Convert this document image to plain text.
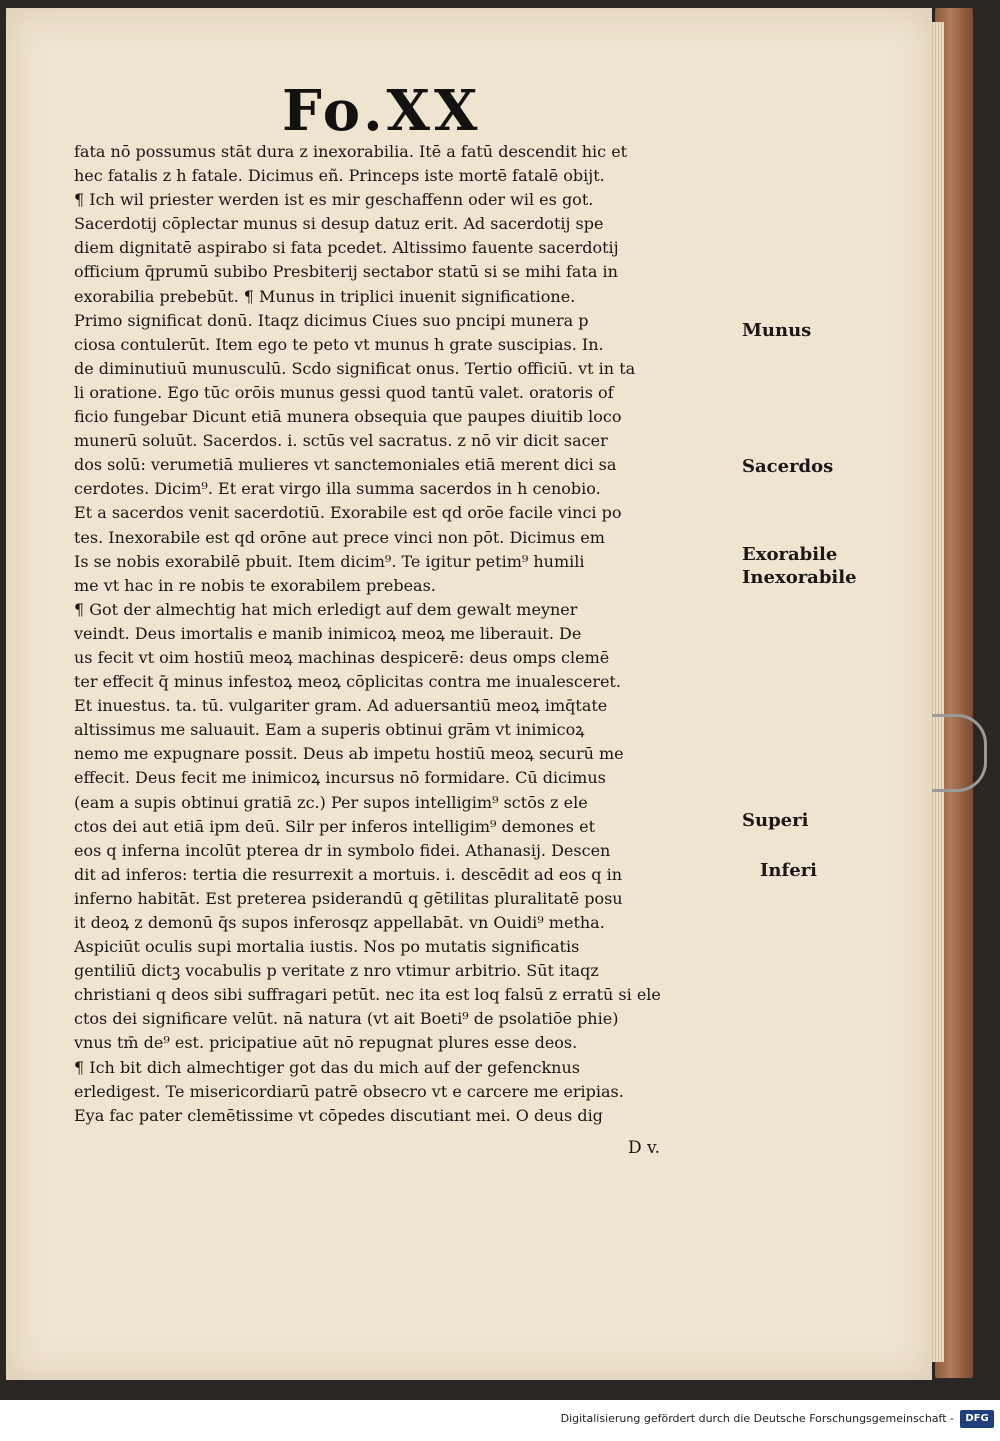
Fo.XX
fata nō possumus stāt dura z inexorabilia. Itē a fatū descendit hic et
hec fatalis z h fatale. Dicimus eñ. Princeps iste mortē fatalē obijt.
¶ Ich wil priester werden ist es mir geschaffenn oder wil es got.
Sacerdotij cōplectar munus si desup datuz erit. Ad sacerdotij spe
diem dignitatē aspirabo si fata pcedet. Altissimo fauente sacerdotij
officium q̄prumū subibo Presbiterij sectabor statū si se mihi fata in
exorabilia prebebūt. ¶ Munus in triplici inuenit significatione.
Primo significat donū. Itaqz dicimus Ciues suo pncipi munera p
ciosa contulerūt. Item ego te peto vt munus h grate suscipias. In.
de diminutiuū munusculū. Scdo significat onus. Tertio officiū. vt in ta
li oratione. Ego tūc orōis munus gessi quod tantū valet. oratoris of
ficio fungebar Dicunt etiā munera obsequia que paupes diuitib loco
munerū soluūt. Sacerdos. i. sctūs vel sacratus. z nō vir dicit sacer
dos solū: verumetiā mulieres vt sanctemoniales etiā merent dici sa
cerdotes. Dicim⁹. Et erat virgo illa summa sacerdos in h cenobio.
Et a sacerdos venit sacerdotiū. Exorabile est qd orōe facile vinci po
tes. Inexorabile est qd orōne aut prece vinci non pōt. Dicimus em
Is se nobis exorabilē pbuit. Item dicim⁹. Te igitur petim⁹ humili
me vt hac in re nobis te exorabilem prebeas.
¶ Got der almechtig hat mich erledigt auf dem gewalt meyner
veindt. Deus imortalis e manib inimicoꝝ meoꝝ me liberauit. De
us fecit vt oim hostiū meoꝝ machinas despicerē: deus omps clemē
ter effecit q̄ minus infestoꝝ meoꝝ cōplicitas contra me inualesceret.
Et inuestus. ta. tū. vulgariter gram. Ad aduersantiū meoꝝ imq̄tate
altissimus me saluauit. Eam a superis obtinui grām vt inimicoꝝ
nemo me expugnare possit. Deus ab impetu hostiū meoꝝ securū me
effecit. Deus fecit me inimicoꝝ incursus nō formidare. Cū dicimus
(eam a supis obtinui gratiā zc.) Per supos intelligim⁹ sctōs z ele
ctos dei aut etiā ipm deū. Silr per inferos intelligim⁹ demones et
eos q inferna incolūt pterea dr in symbolo fidei. Athanasij. Descen
dit ad inferos: tertia die resurrexit a mortuis. i. descēdit ad eos q in
inferno habitāt. Est preterea psiderandū q gētilitas pluralitatē posu
it deoꝝ z demonū q̄s supos inferosqz appellabāt. vn Ouidi⁹ metha.
Aspiciūt oculis supi mortalia iustis. Nos po mutatis significatis
gentiliū dictꝫ vocabulis p veritate z nro vtimur arbitrio. Sūt itaqz
christiani q deos sibi suffragari petūt. nec ita est loq falsū z erratū si ele
ctos dei significare velūt. nā natura (vt ait Boeti⁹ de psolatiōe phie)
vnus tm̄ de⁹ est. pricipatiue aūt nō repugnat plures esse deos.
¶ Ich bit dich almechtiger got das du mich auf der gefencknus
erledigest. Te misericordiarū patrē obsecro vt e carcere me eripias.
Eya fac pater clemētissime vt cōpedes discutiant mei. O deus dig

Munus

Sacerdos

Exorabile

Inexorabile

Superi

Inferi

D v.

Digitalisierung gefördert durch die Deutsche Forschungsgemeinschaft -	DFG
